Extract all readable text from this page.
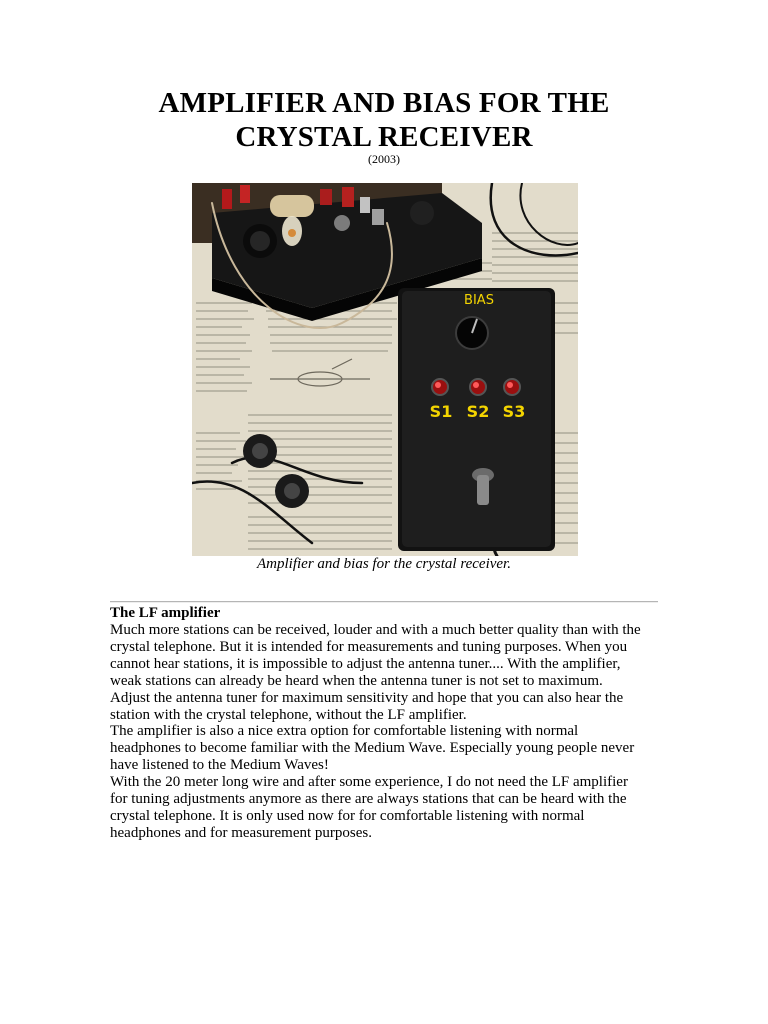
AMPLIFIER AND BIAS FOR THE
CRYSTAL RECEIVER
(2003)
BIAS
S1 S2 S3
Amplifier and bias for the crystal receiver.
The LF amplifier

Much more stations can be received, louder and with a much better quality than with the

crystal telephone. But it is intended for measurements and tuning purposes. When you

cannot hear stations, it is impossible to adjust the antenna tuner.... With the amplifier,

weak stations can already be heard when the antenna tuner is not set to maximum.

Adjust the antenna tuner for maximum sensitivity and hope that you can also hear the

station with the crystal telephone, without the LF amplifier.

The amplifier is also a nice extra option for comfortable listening with normal

headphones to become familiar with the Medium Wave. Especially young people never

have listened to the Medium Waves!

With the 20 meter long wire and after some experience, I do not need the LF amplifier

for tuning adjustments anymore as there are always stations that can be heard with the

crystal telephone. It is only used now for for comfortable listening with normal

headphones and for measurement purposes.
